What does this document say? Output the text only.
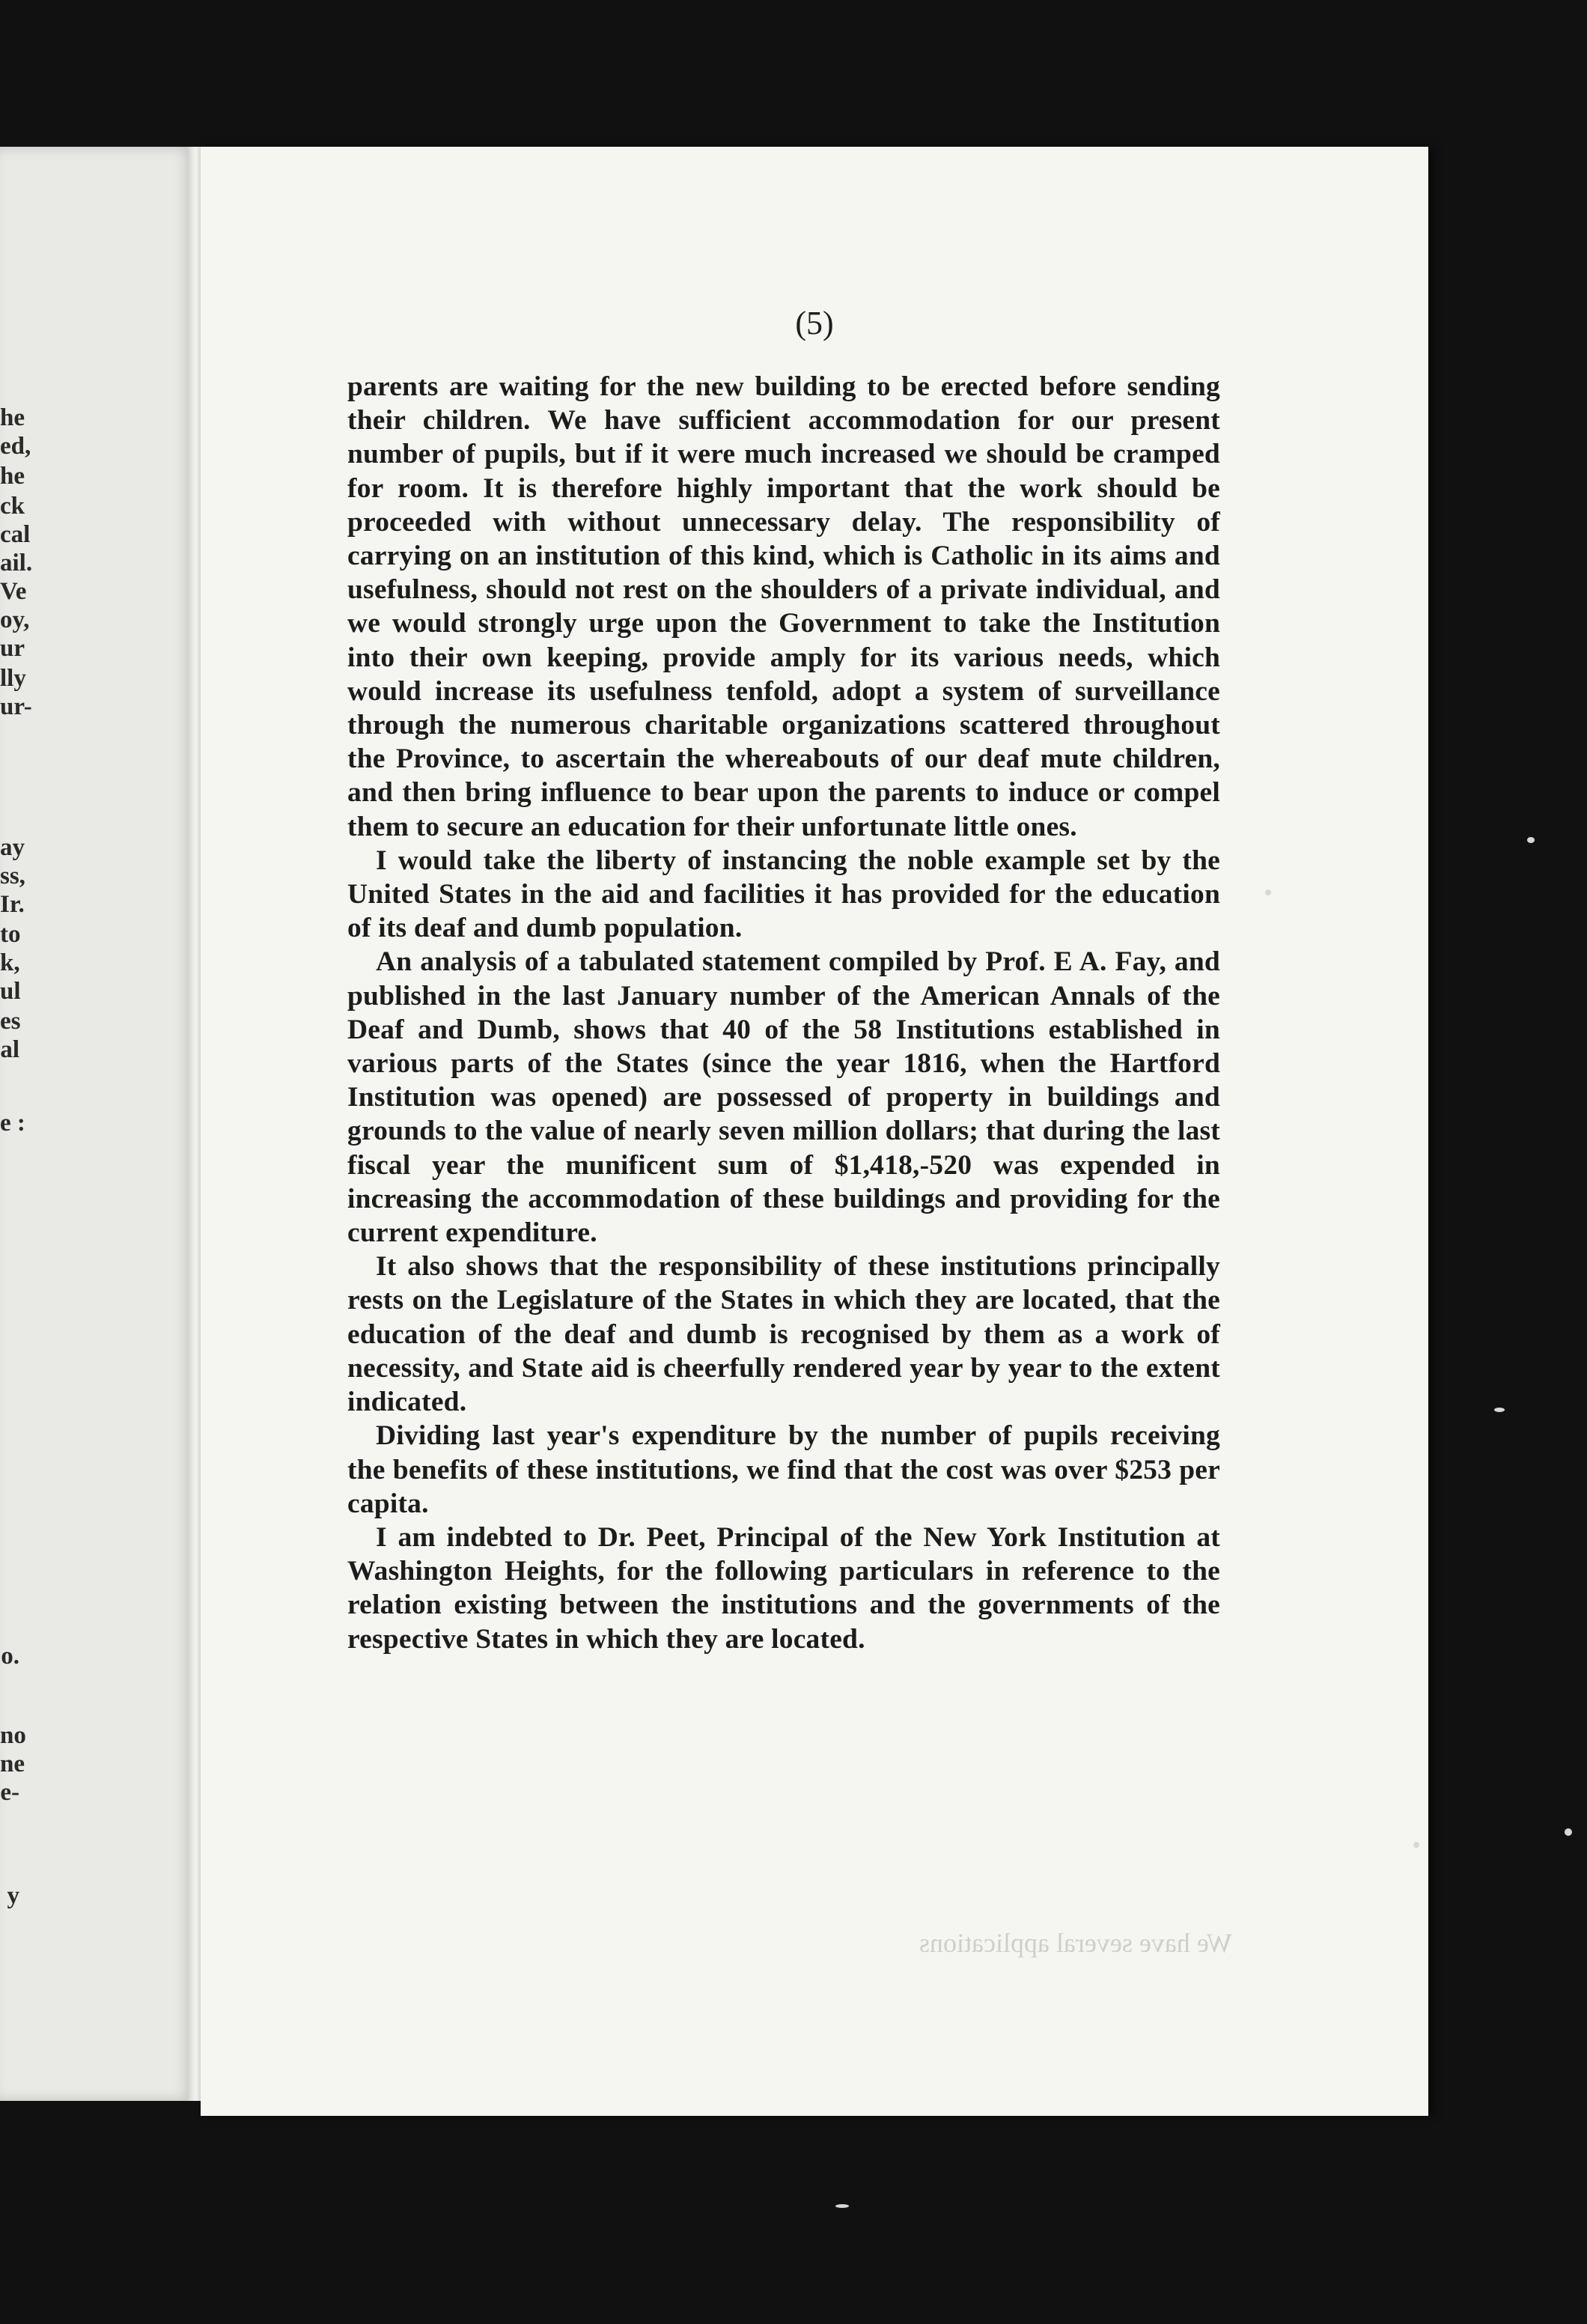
he
ed,
he
ck
cal
ail.
Ve
oy,
ur
lly
ur-
ay
ss,
Ir.
to
k,
ul
es
al
e :
o.
no
ne
e-
y
(5)

parents are waiting for the new building to be erected before sending their children. We have sufficient accommodation for our present number of pupils, but if it were much increased we should be cramped for room. It is therefore highly important that the work should be proceeded with without unnecessary delay. The responsibility of carrying on an institution of this kind, which is Catholic in its aims and usefulness, should not rest on the shoulders of a private individual, and we would strongly urge upon the Government to take the Institution into their own keeping, provide amply for its various needs, which would increase its usefulness tenfold, adopt a system of surveillance through the numerous charitable organizations scattered throughout the Province, to ascertain the whereabouts of our deaf mute children, and then bring influence to bear upon the parents to induce or compel them to secure an education for their unfortunate little ones.

I would take the liberty of instancing the noble example set by the United States in the aid and facilities it has provided for the education of its deaf and dumb population.

An analysis of a tabulated statement compiled by Prof. E A. Fay, and published in the last January number of the American Annals of the Deaf and Dumb, shows that 40 of the 58 Institutions established in various parts of the States (since the year 1816, when the Hartford Institution was opened) are possessed of property in buildings and grounds to the value of nearly seven million dollars; that during the last fiscal year the munificent sum of $1,418,-520 was expended in increasing the accommodation of these buildings and providing for the current expenditure.

It also shows that the responsibility of these institutions principally rests on the Legislature of the States in which they are located, that the education of the deaf and dumb is recognised by them as a work of necessity, and State aid is cheerfully rendered year by year to the extent indicated.

Dividing last year's expenditure by the number of pupils receiving the benefits of these institutions, we find that the cost was over $253 per capita.

I am indebted to Dr. Peet, Principal of the New York Institution at Washington Heights, for the following particulars in reference to the relation existing between the institutions and the governments of the respective States in which they are located.

We have several applications
